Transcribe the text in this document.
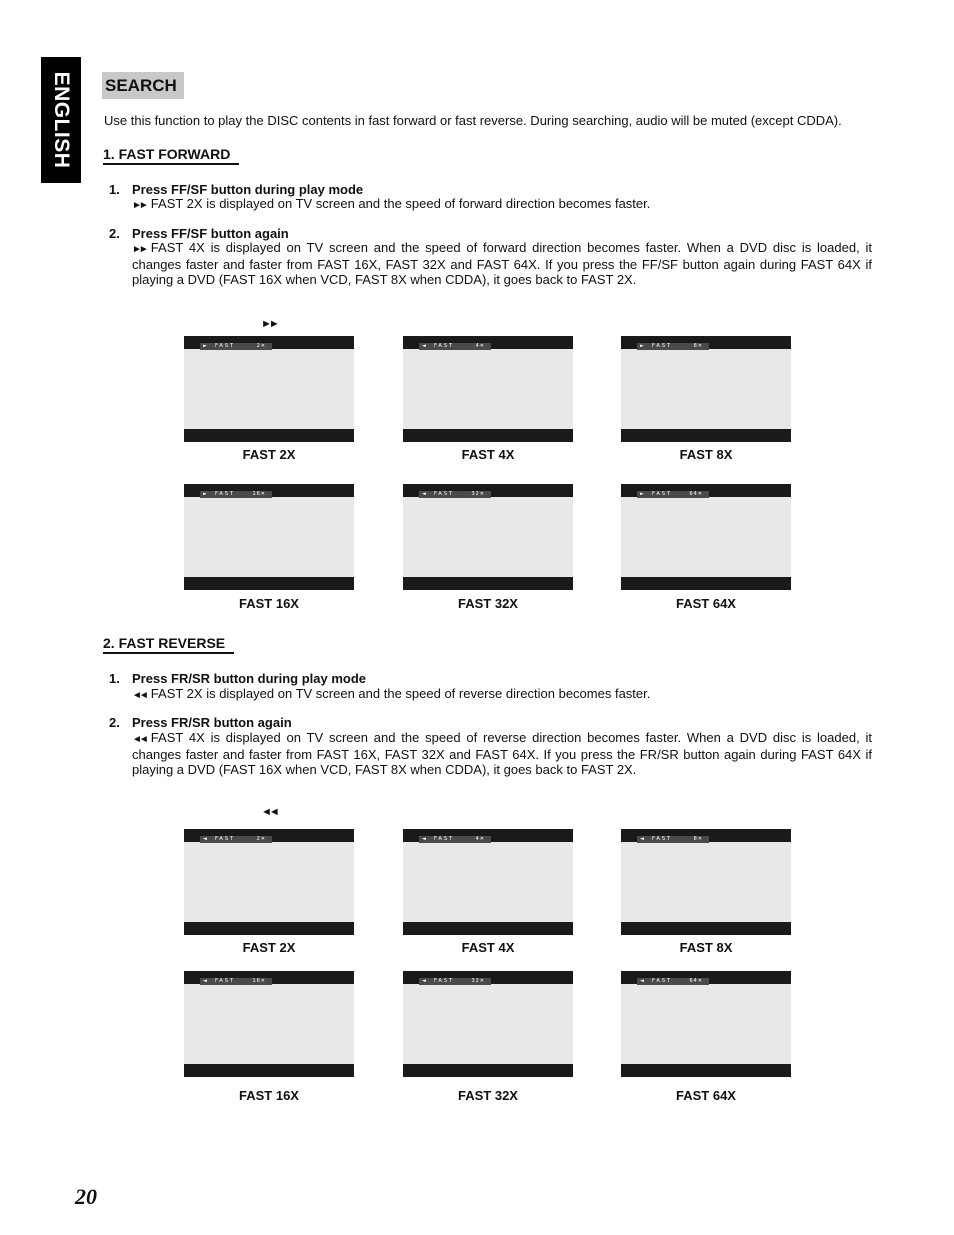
ENGLISH SEARCH
Use this function to play the DISC contents in fast forward or fast reverse. During searching, audio will be muted (except CDDA).
1. FAST FORWARD
1. Press FF/SF button during play mode
►► FAST 2X is displayed on TV screen and the speed of forward direction becomes faster.
2. Press FF/SF button again
►► FAST 4X is displayed on TV screen and the speed of forward direction becomes faster. When a DVD disc is loaded, it changes faster and faster from FAST 16X, FAST 32X and FAST 64X. If you press the FF/SF button again during FAST 64X if playing a DVD (FAST 16X when VCD, FAST 8X when CDDA), it goes back to FAST 2X.
►►
► FAST	2✕
FAST 2X
◄ FAST	4✕
FAST 4X
► FAST	8✕
FAST 8X
► FAST	16✕
FAST 16X
◄ FAST	32✕
FAST 32X
► FAST	64✕
FAST 64X
2. FAST REVERSE
1. Press FR/SR button during play mode
◄◄ FAST 2X is displayed on TV screen and the speed of reverse direction becomes faster.
2. Press FR/SR button again
◄◄ FAST 4X is displayed on TV screen and the speed of reverse direction becomes faster. When a DVD disc is loaded, it changes faster and faster from FAST 16X, FAST 32X and FAST 64X. If you press the FR/SR button again during FAST 64X if playing a DVD (FAST 16X when VCD, FAST 8X when CDDA), it goes back to FAST 2X.
◄◄
◄ FAST	2✕
FAST 2X
◄ FAST	4✕
FAST 4X
◄ FAST	8✕
FAST 8X
◄ FAST	16✕
FAST 16X
◄ FAST	32✕
FAST 32X
◄ FAST	64✕
FAST 64X
20
